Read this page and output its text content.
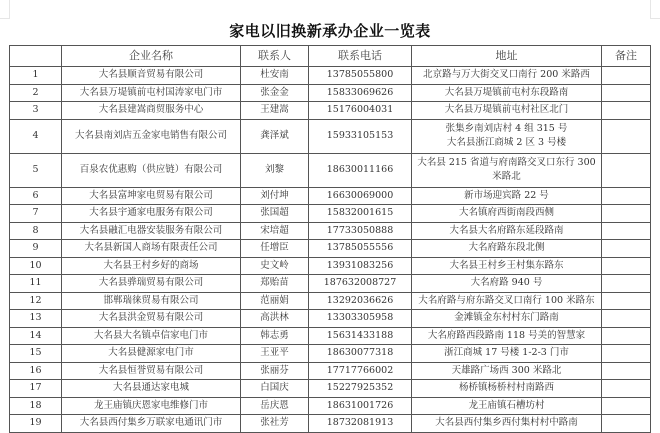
家电以旧换新承办企业一览表
	企业名称	联系人	联系电话	地址	备注
1	大名县顺音贸易有限公司	杜安南	13785055800	北京路与万大街交叉口南行 200 米路西	
2	大名县万堤镇前屯村国涛家电门市	张金金	15833069626	大名县万堤镇前屯村东段路南	
3	大名县建嵩商贸服务中心	王建嵩	15176004031	大名县万堤镇前屯村社区北门	
4	大名县南刘店五金家电销售有限公司	龚泽斌	15933105153	张集乡南刘店村 4 组 315 号
大名县浙江商城 2 区 3 号楼	
5	百泉农优惠购（供应链）有限公司	刘黎	18630011166	大名县 215 省道与府南路交叉口东行 300 米路北	
6	大名县富坤家电贸易有限公司	刘付坤	16630069000	新市场迎宾路 22 号	
7	大名县宇通家电服务有限公司	张国超	15832001615	大名镇府西街南段西侧	
8	大名县融汇电器安装服务有限公司	宋培超	17733050888	大名县大名府路东延段路南	
9	大名县新国人商场有限责任公司	任增臣	13785055556	大名府路东段北侧	
10	大名县王村乡好的商场	史文岭	13931083256	大名县王村乡王村集东路东	
11	大名县骅瑞贸易有限公司	郑贻苗	187632008727	大名府路 940 号	
12	邯郸瑞徕贸易有限公司	范丽娟	13292036626	大名府路与府东路交叉口南行 100 米路东	
13	大名县洪金贸易有限公司	高洪林	13303305958	金滩镇金东村村东门路南	
14	大名县大名镇卓信家电门市	韩志勇	15631433188	大名府路西段路南 118 号美的智慧家	
15	大名县健源家电门市	王亚平	18630077318	浙江商城 17 号楼 1-2-3 门市	
16	大名县恒誉贸易有限公司	张丽芬	17717766002	天雄路广场西 300 米路北	
17	大名县通达家电城	白国庆	15227925352	杨桥镇杨桥村村南路西	
18	龙王庙镇庆恩家电维修门市	岳庆恩	18631001726	龙王庙镇石槽坊村	
19	大名县西付集乡万联家电通讯门市	张社芳	18732081913	大名县西付集乡西付集村村中路南	
